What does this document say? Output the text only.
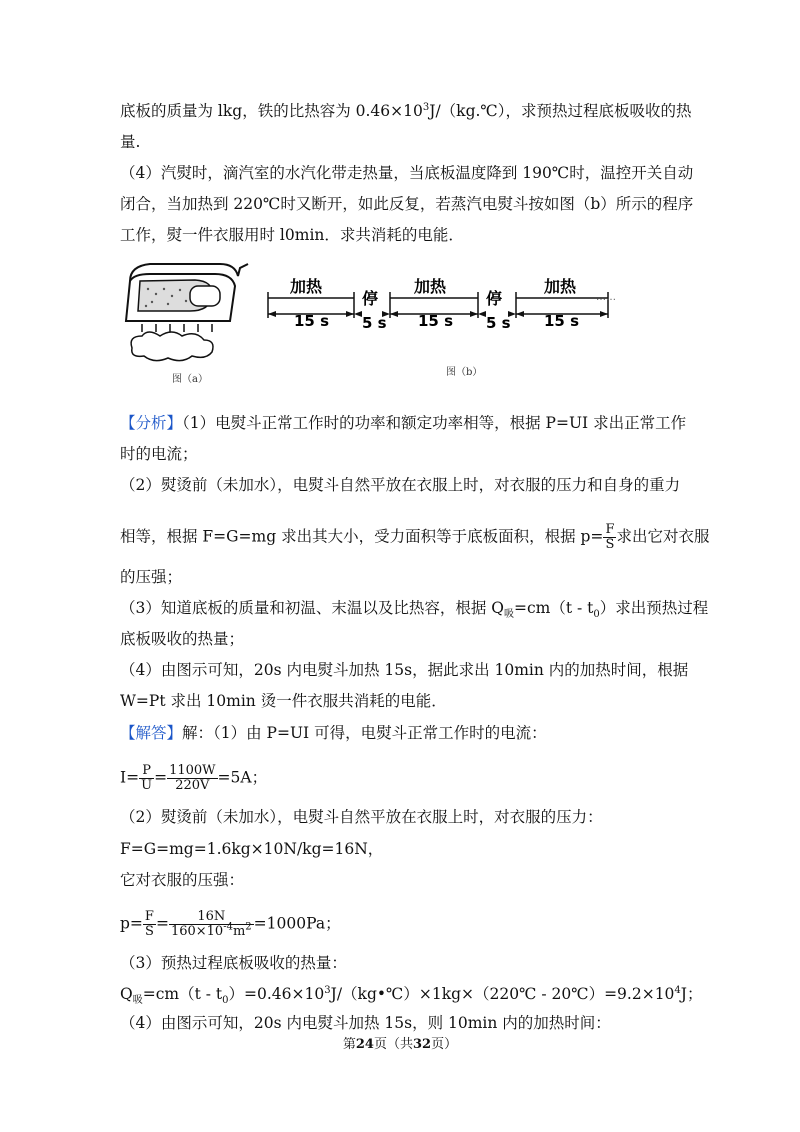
底板的质量为 lkg，铁的比热容为 $0.46\times 10^3J/(kg.℃)$，求预热过程底板吸收的热
量.
（4）汽熨时，滴汽室的水汽化带走热量，当底板温度降到 190℃时，温控开关自动
闭合，当加热到 220℃时又断开，如此反复，若蒸汽电熨斗按如图（b）所示的程序
工作，熨一件衣服用时 l0min．求共消耗的电能．
图（a）
加热
15 s
停
5 s
加热
15 s
停
5 s
加热
15 s
……
图（b）
【分析】（1）电熨斗正常工作时的功率和额定功率相等，根据 P=UI 求出正常工作
时的电流；
（2）熨烫前（未加水），电熨斗自然平放在衣服上时，对衣服的压力和自身的重力
相等，根据 F=G=mg 求出其大小，受力面积等于底板面积，根据 $p= \frac{F}{S}$ 求出它对衣服
的压强；
（3）知道底板的质量和初温、末温以及比热容，根据 $Q_吸=cm(t - t_0)$求出预热过程
底板吸收的热量；
（4）由图示可知，20s 内电熨斗加热 15s，据此求出 10min 内的加热时间，根据
W=Pt 求出 10min 烫一件衣服共消耗的电能．
【解答】解：（1）由 P=UI 可得，电熨斗正常工作时的电流：
$I= \frac{P}{U} = \frac{1100W}{220V} =5A$；
（2）熨烫前（未加水），电熨斗自然平放在衣服上时，对衣服的压力：
F=G=mg=1.6kg×10N/kg=16N，
它对衣服的压强：
$p= \frac{F}{S} = \frac{16N}{160\times 10^{-4}m^2} =1000Pa$；
（3）预热过程底板吸收的热量：
$Q_吸=cm(t$ - $t_0)=0.46\times 10^3J/(kg•℃)\times 1kg\times(220℃$ - $20℃)=9.2\times 10^4J$；
（4）由图示可知，20s 内电熨斗加热 15s，则 10min 内的加热时间：
第24页（共32页）
